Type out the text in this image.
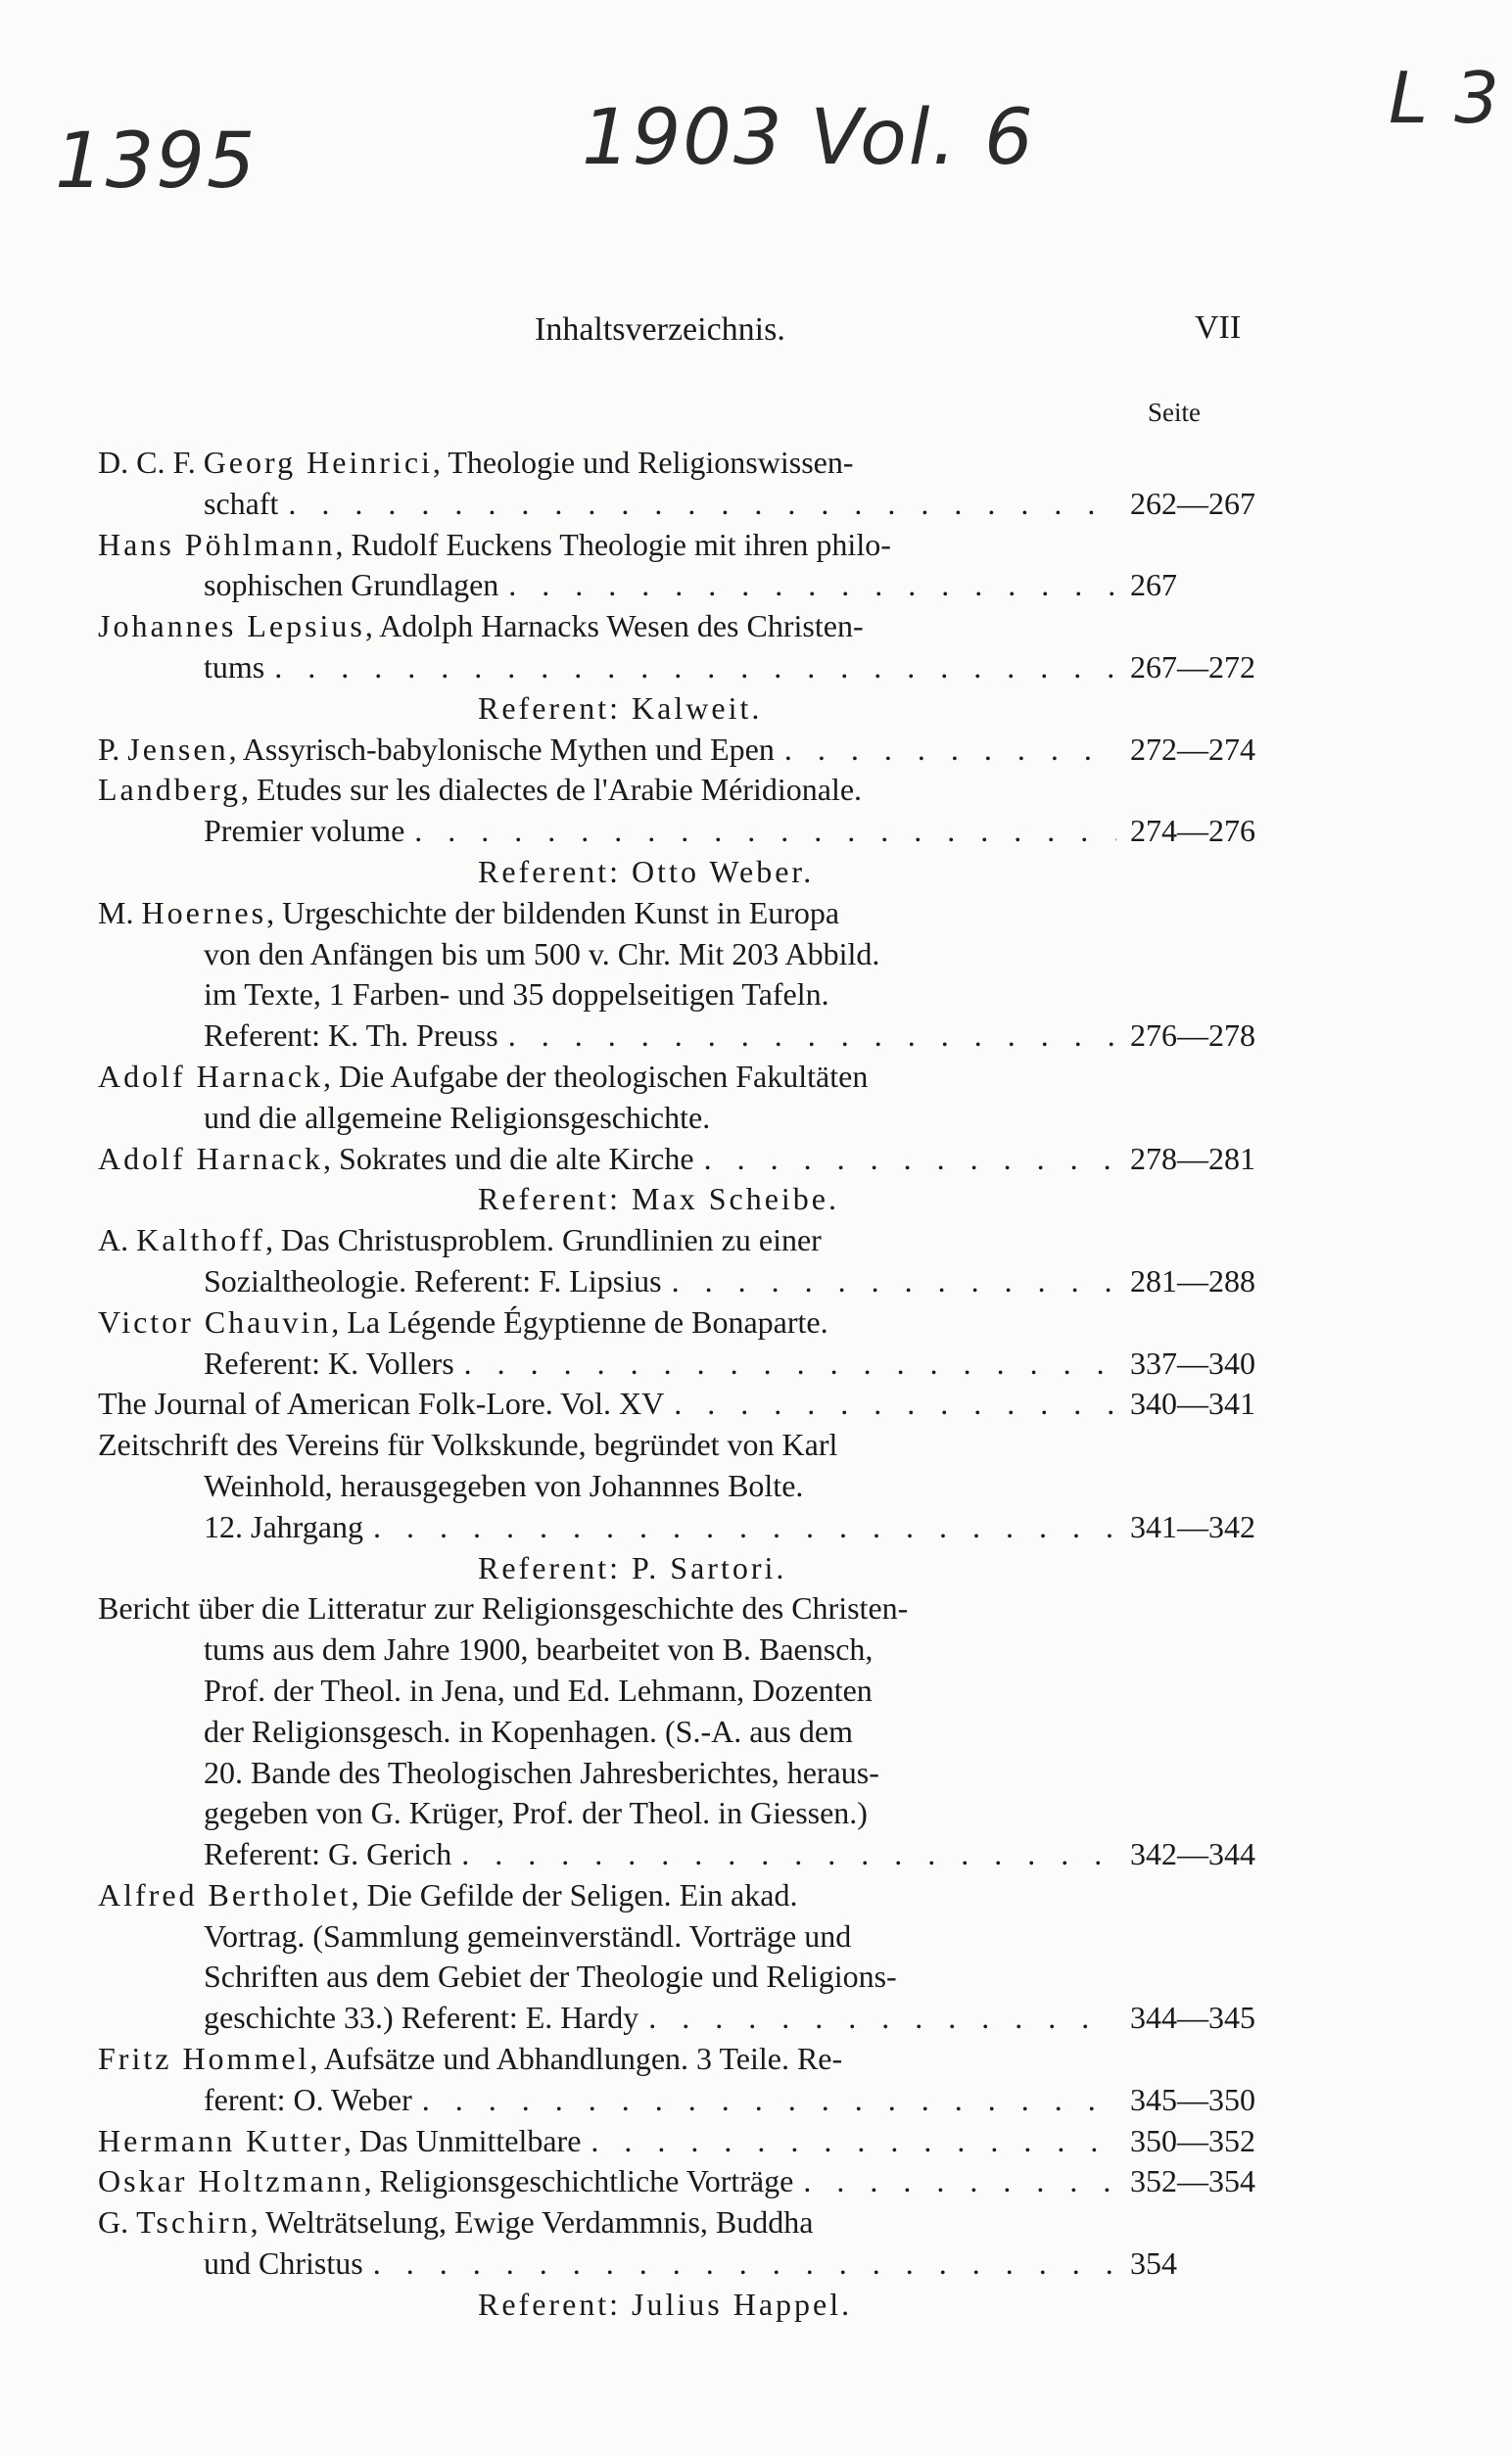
1395	1903 Vol. 6	L 3
Inhaltsverzeichnis.	VII
Seite
D. C. F. Georg Heinrici, Theologie und Religionswissen-
schaft . . .	262—267
Hans Pöhlmann, Rudolf Euckens Theologie mit ihren philo-
sophischen Grundlagen . . .	267
Johannes Lepsius, Adolph Harnacks Wesen des Christen-
tums . . .	267—272
Referent: Kalweit.
P. Jensen, Assyrisch-babylonische Mythen und Epen . . .	272—274
Landberg, Etudes sur les dialectes de l'Arabie Méridionale.
Premier volume . . .	274—276
Referent: Otto Weber.
M. Hoernes, Urgeschichte der bildenden Kunst in Europa
von den Anfängen bis um 500 v. Chr. Mit 203 Abbild.
im Texte, 1 Farben- und 35 doppelseitigen Tafeln.
Referent: K. Th. Preuss . . .	276—278
Adolf Harnack, Die Aufgabe der theologischen Fakultäten
und die allgemeine Religionsgeschichte.
Adolf Harnack, Sokrates und die alte Kirche . . .	278—281
Referent: Max Scheibe.
A. Kalthoff, Das Christusproblem. Grundlinien zu einer
Sozialtheologie. Referent: F. Lipsius . . .	281—288
Victor Chauvin, La Légende Égyptienne de Bonaparte.
Referent: K. Vollers . . .	337—340
The Journal of American Folk-Lore. Vol. XV . . .	340—341
Zeitschrift des Vereins für Volkskunde, begründet von Karl
Weinhold, herausgegeben von Johannnes Bolte.
12. Jahrgang . . .	341—342
Referent: P. Sartori.
Bericht über die Litteratur zur Religionsgeschichte des Christen-
tums aus dem Jahre 1900, bearbeitet von B. Baensch,
Prof. der Theol. in Jena, und Ed. Lehmann, Dozenten
der Religionsgesch. in Kopenhagen. (S.-A. aus dem
20. Bande des Theologischen Jahresberichtes, heraus-
gegeben von G. Krüger, Prof. der Theol. in Giessen.)
Referent: G. Gerich . . .	342—344
Alfred Bertholet, Die Gefilde der Seligen. Ein akad.
Vortrag. (Sammlung gemeinverständl. Vorträge und
Schriften aus dem Gebiet der Theologie und Religions-
geschichte 33.) Referent: E. Hardy . . .	344—345
Fritz Hommel, Aufsätze und Abhandlungen. 3 Teile. Re-
ferent: O. Weber . . .	345—350
Hermann Kutter, Das Unmittelbare . . .	350—352
Oskar Holtzmann, Religionsgeschichtliche Vorträge . . .	352—354
G. Tschirn, Welträtselung, Ewige Verdammnis, Buddha
und Christus . . .	354
Referent: Julius Happel.
